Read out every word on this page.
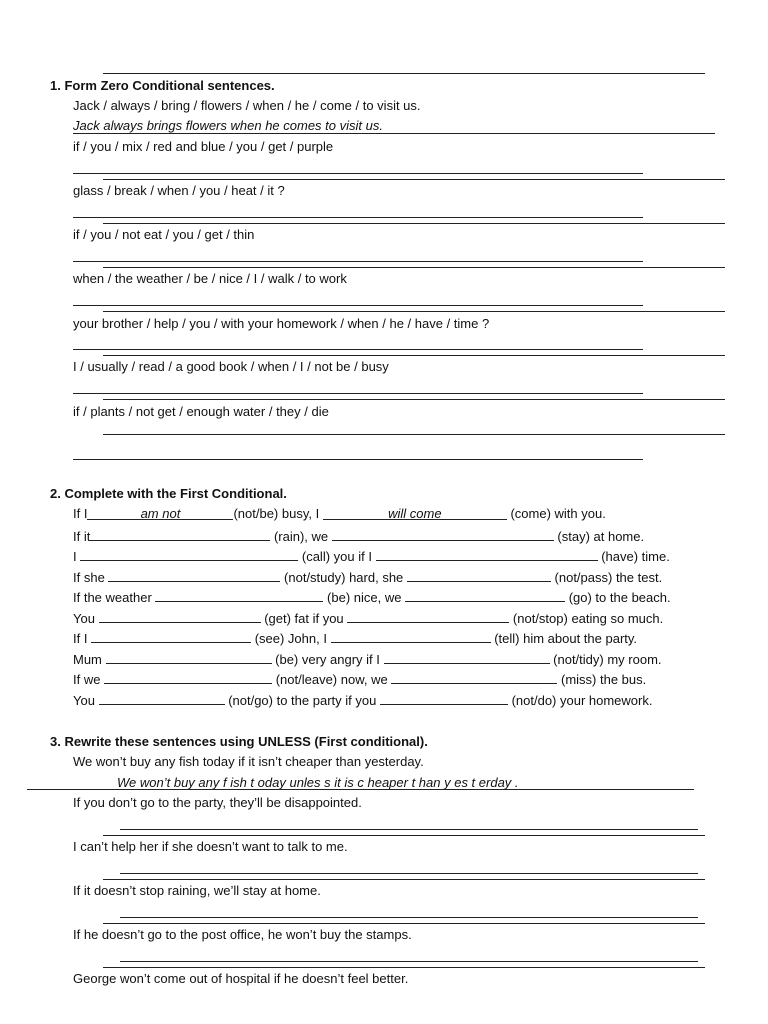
1. Form Zero Conditional sentences.
Jack / always / bring / flowers / when / he / come / to visit us.
Jack always brings flowers when he comes to visit us.
if / you / mix / red and blue / you / get / purple
glass / break / when / you / heat / it ?
if / you / not eat / you / get / thin
when / the weather / be / nice / I / walk / to work
your brother / help / you / with your homework / when / he / have / time ?
I / usually / read / a good book / when / I / not be / busy
if / plants / not get / enough water / they / die
2. Complete with the First Conditional.
If I	am not	(not/be) busy, I	will come	(come) with you.
If it	(rain), we	(stay) at home.
I	(call) you if I	(have) time.
If she	(not/study) hard, she	(not/pass) the test.
If the weather	(be) nice, we	(go) to the beach.
You	(get) fat if you	(not/stop) eating so much.
If I	(see) John, I	(tell) him about the party.
Mum	(be) very angry if I	(not/tidy) my room.
If we	(not/leave) now, we	(miss) the bus.
You	(not/go) to the party if you	(not/do) your homework.
3. Rewrite these sentences using UNLESS (First conditional).
We won’t buy any fish today if it isn’t cheaper than yesterday.
We won’t buy any f ish t oday unles s it is c heaper t han y es t erday .
If you don’t go to the party, they’ll be disappointed.
I can’t help her if she doesn’t want to talk to me.
If it doesn’t stop raining, we’ll stay at home.
If he doesn’t go to the post office, he won’t buy the stamps.
George won’t come out of hospital if he doesn’t feel better.
